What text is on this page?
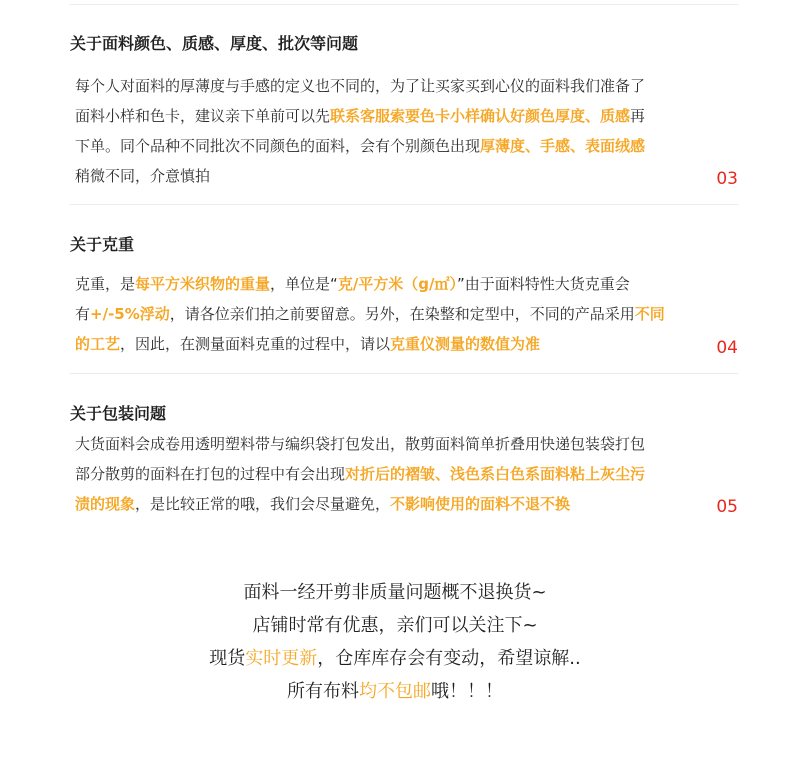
关于面料颜色、质感、厚度、批次等问题
每个人对面料的厚薄度与手感的定义也不同的，为了让买家买到心仪的面料我们准备了
面料小样和色卡，建议亲下单前可以先联系客服索要色卡小样确认好颜色厚度、质感再
下单。同个品种不同批次不同颜色的面料，会有个别颜色出现厚薄度、手感、表面绒感
稍微不同，介意慎拍	03
关于克重
克重，是每平方米织物的重量，单位是“克/平方米（g/㎡）”由于面料特性大货克重会
有+/-5%浮动，请各位亲们拍之前要留意。另外，在染整和定型中，不同的产品采用不同
的工艺，因此，在测量面料克重的过程中，请以克重仪测量的数值为准	04
关于包装问题
大货面料会成卷用透明塑料带与编织袋打包发出，散剪面料简单折叠用快递包装袋打包
部分散剪的面料在打包的过程中有会出现对折后的褶皱、浅色系白色系面料粘上灰尘污
渍的现象，是比较正常的哦，我们会尽量避免，不影响使用的面料不退不换	05
面料一经开剪非质量问题概不退换货~
店铺时常有优惠，亲们可以关注下~
现货实时更新，仓库库存会有变动，希望谅解..
所有布料均不包邮哦！！！
